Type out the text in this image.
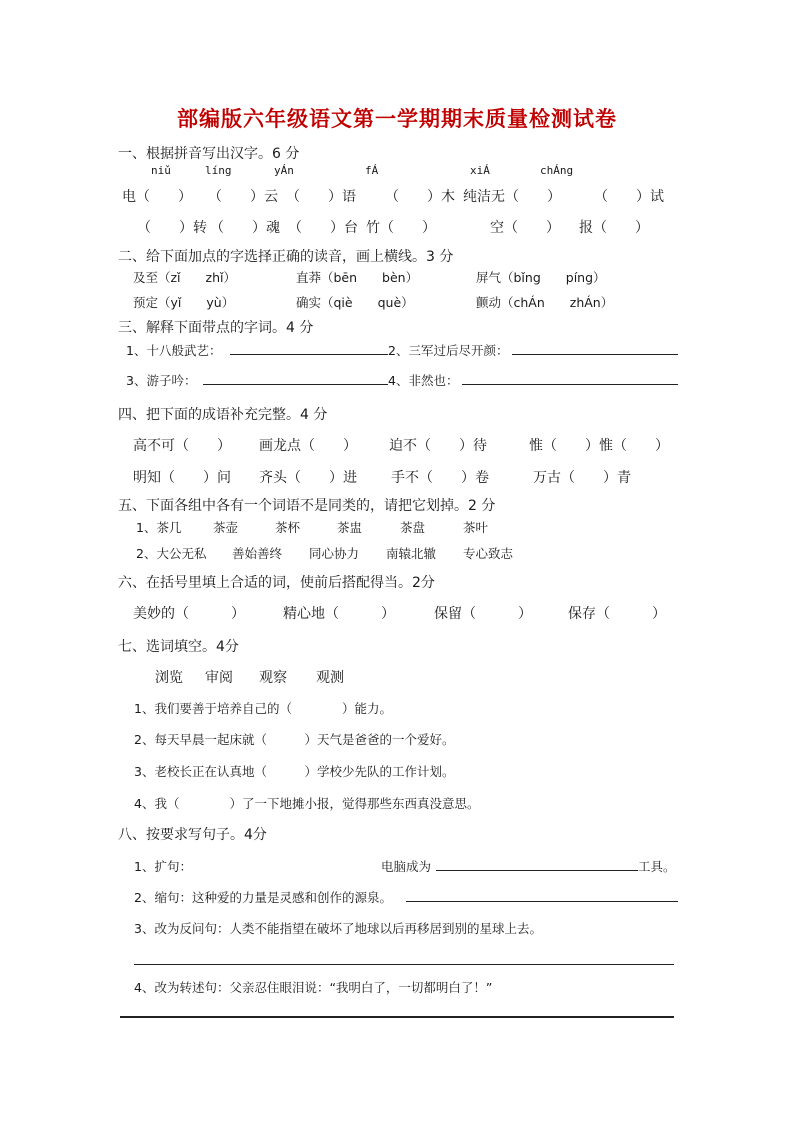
部编版六年级语文第一学期期末质量检测试卷
一、根据拼音写出汉字。6 分
niǔ	líng	yÁn	fÁ	xiÁ	chÁng
电（　　） （　　）云 （　　）语 （　　）木 纯洁无（　　） （　　）试
（　　）转 （　　）魂 （　　）台 竹（　　）	空（　　） 报（　　）
二、给下面加点的字选择正确的读音，画上横线。3 分
及至（zǐ　　zhǐ）	直莽（bēn　　bèn）	屏气（bǐng　　píng）
预定（yǐ　　yù）	确实（qiè　　què）	颤动（chÁn　　zhÁn）
三、解释下面带点的字词。4 分
1、十八般武艺：	2、三军过后尽开颜：
3、游子吟：	4、非然也：
四、把下面的成语补充完整。4 分
高不可（　　） 画龙点（　　） 迫不（　　）待	惟（　　）惟（　　）
明知（　　）问 齐头（　　）进 手不（　　）卷	万古（　　）青
五、下面各组中各有一个词语不是同类的，请把它划掉。2 分
1、茶几	茶壶	茶杯	茶盅	茶盘	茶叶
2、大公无私 善始善终 同心协力 南辕北辙 专心致志
六、在括号里填上合适的词，使前后搭配得当。2分
美妙的（　　　）	精心地（　　　）	保留（　　　）	保存（　　　）
七、选词填空。4分
浏览 审阅 观察 观测
1、我们要善于培养自己的（　　　　）能力。
2、每天早晨一起床就（　　　）天气是爸爸的一个爱好。
3、老校长正在认真地（　　　）学校少先队的工作计划。
4、我（　　　　）了一下地摊小报，觉得那些东西真没意思。
八、按要求写句子。4分
1、扩句：	电脑成为	工具。
2、缩句：这种爱的力量是灵感和创作的源泉。
3、改为反问句：人类不能指望在破坏了地球以后再移居到别的星球上去。
4、改为转述句：父亲忍住眼泪说：“我明白了，一切都明白了！”
